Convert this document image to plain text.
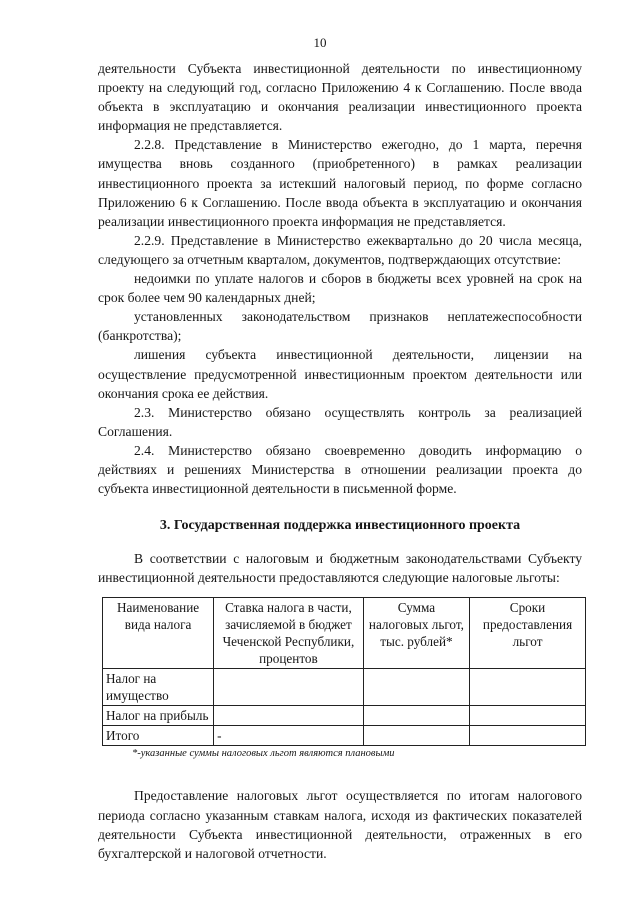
10

деятельности Субъекта инвестиционной деятельности по инвестиционному проекту на следующий год, согласно Приложению 4 к Соглашению. После ввода объекта в эксплуатацию и окончания реализации инвестиционного проекта информация не представляется.

2.2.8. Представление в Министерство ежегодно, до 1 марта, перечня имущества вновь созданного (приобретенного) в рамках реализации инвестиционного проекта за истекший налоговый период, по форме согласно Приложению 6 к Соглашению. После ввода объекта в эксплуатацию и окончания реализации инвестиционного проекта информация не представляется.

2.2.9. Представление в Министерство ежеквартально до 20 числа месяца, следующего за отчетным кварталом, документов, подтверждающих отсутствие:

недоимки по уплате налогов и сборов в бюджеты всех уровней на срок на срок более чем 90 календарных дней;

установленных законодательством признаков неплатежеспособности (банкротства);

лишения субъекта инвестиционной деятельности, лицензии на осуществление предусмотренной инвестиционным проектом деятельности или окончания срока ее действия.

2.3. Министерство обязано осуществлять контроль за реализацией Соглашения.

2.4. Министерство обязано своевременно доводить информацию о действиях и решениях Министерства в отношении реализации проекта до субъекта инвестиционной деятельности в письменной форме.

3. Государственная поддержка инвестиционного проекта

В соответствии с налоговым и бюджетным законодательствами Субъекту инвестиционной деятельности предоставляются следующие налоговые льготы:

Наименование вида налога	Ставка налога в части, зачисляемой в бюджет Чеченской Республики, процентов	Сумма налоговых льгот, тыс. рублей*	Сроки предоставления льгот
Налог на имущество			
Налог на прибыль			
Итого	-		
*-указанные суммы налоговых льгот являются плановыми

Предоставление налоговых льгот осуществляется по итогам налогового периода согласно указанным ставкам налога, исходя из фактических показателей деятельности Субъекта инвестиционной деятельности, отраженных в его бухгалтерской и налоговой отчетности.
